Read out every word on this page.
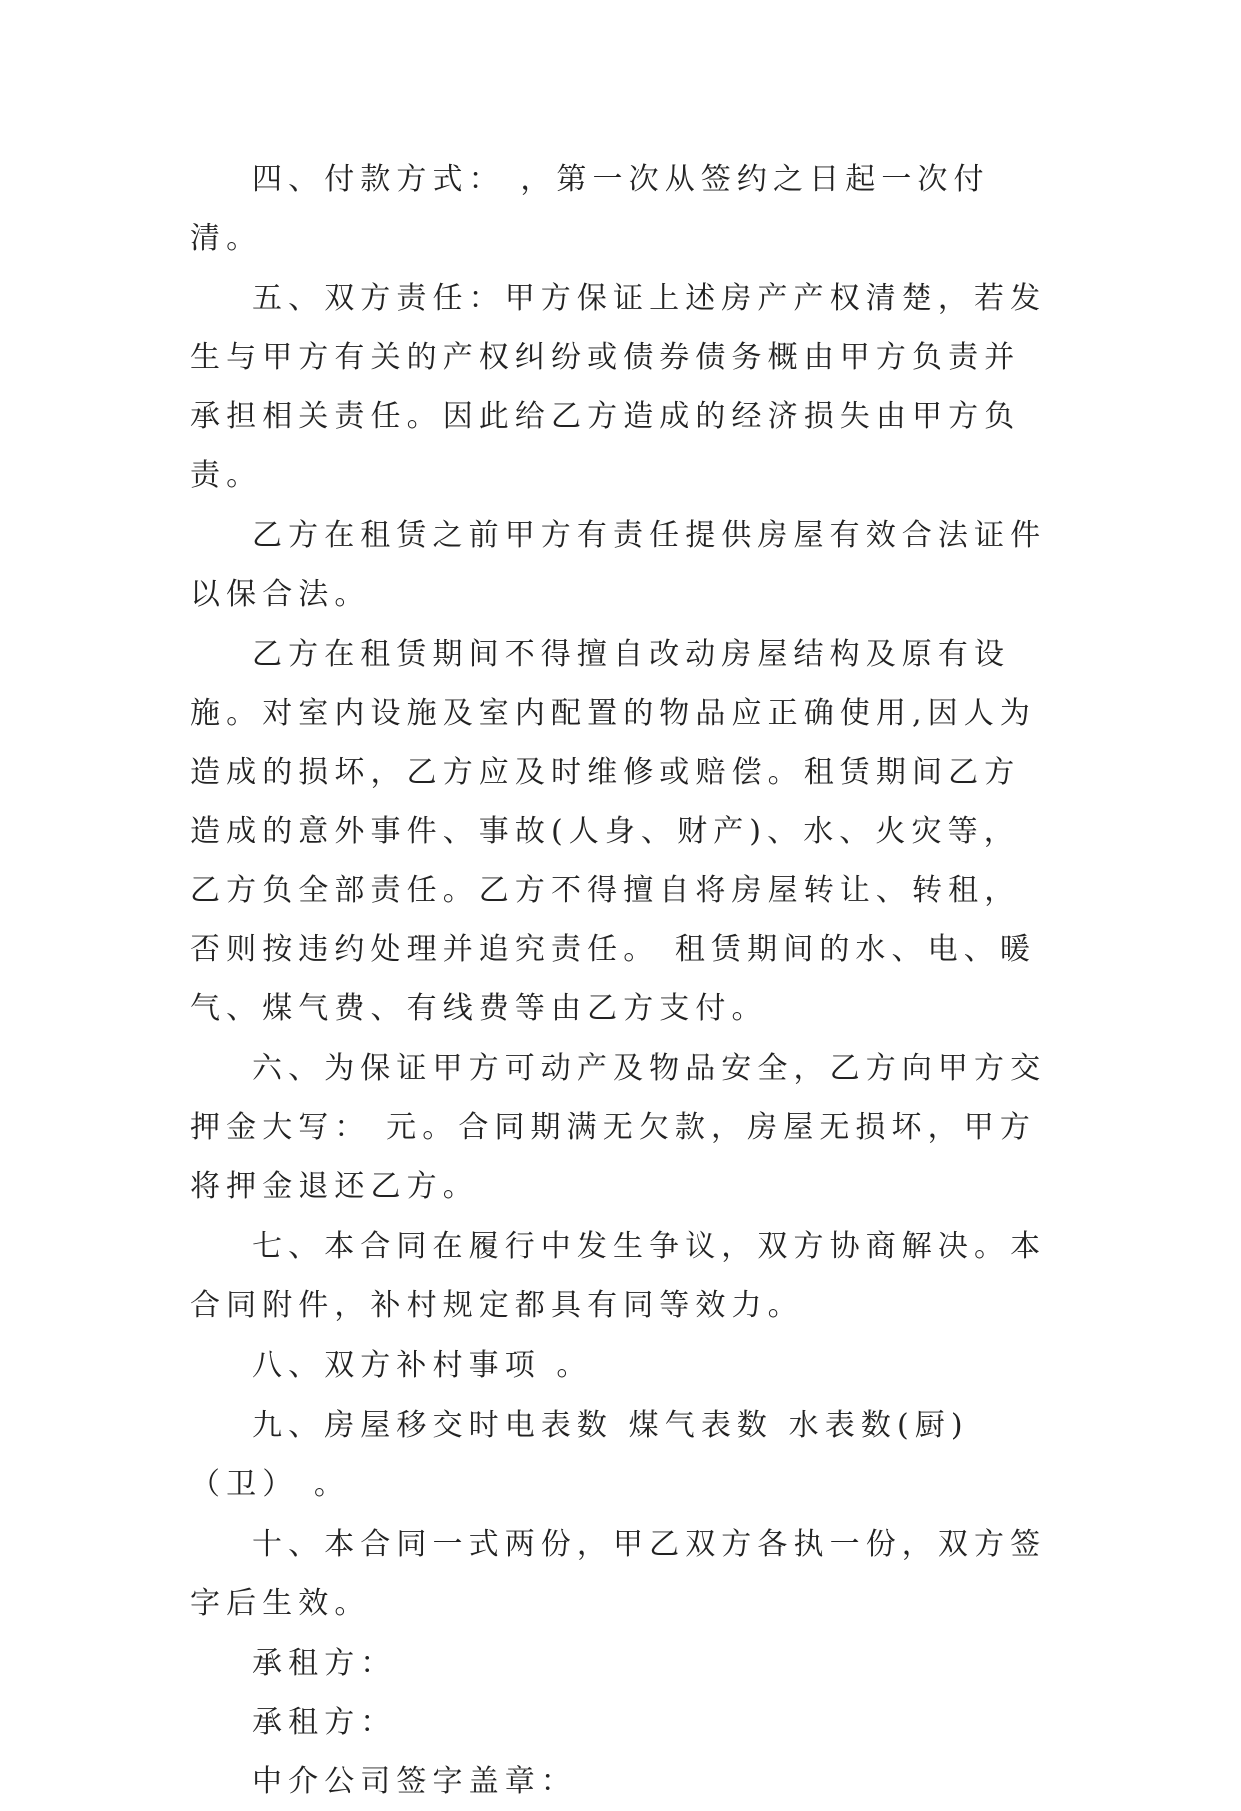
四、付款方式： ，第一次从签约之日起一次付清。

五、双方责任：甲方保证上述房产产权清楚，若发生与甲方有关的产权纠纷或债券债务概由甲方负责并承担相关责任。因此给乙方造成的经济损失由甲方负责。

乙方在租赁之前甲方有责任提供房屋有效合法证件以保合法。

乙方在租赁期间不得擅自改动房屋结构及原有设施。对室内设施及室内配置的物品应正确使用,因人为造成的损坏，乙方应及时维修或赔偿。租赁期间乙方造成的意外事件、事故(人身、财产)、水、火灾等，乙方负全部责任。乙方不得擅自将房屋转让、转租，否则按违约处理并追究责任。 租赁期间的水、电、暖气、煤气费、有线费等由乙方支付。

六、为保证甲方可动产及物品安全，乙方向甲方交押金大写： 元。合同期满无欠款，房屋无损坏，甲方将押金退还乙方。

七、本合同在履行中发生争议，双方协商解决。本合同附件，补村规定都具有同等效力。

八、双方补村事项 。

九、房屋移交时电表数 煤气表数 水表数(厨) （卫） 。

十、本合同一式两份，甲乙双方各执一份，双方签字后生效。

承租方：

承租方：

中介公司签字盖章：
